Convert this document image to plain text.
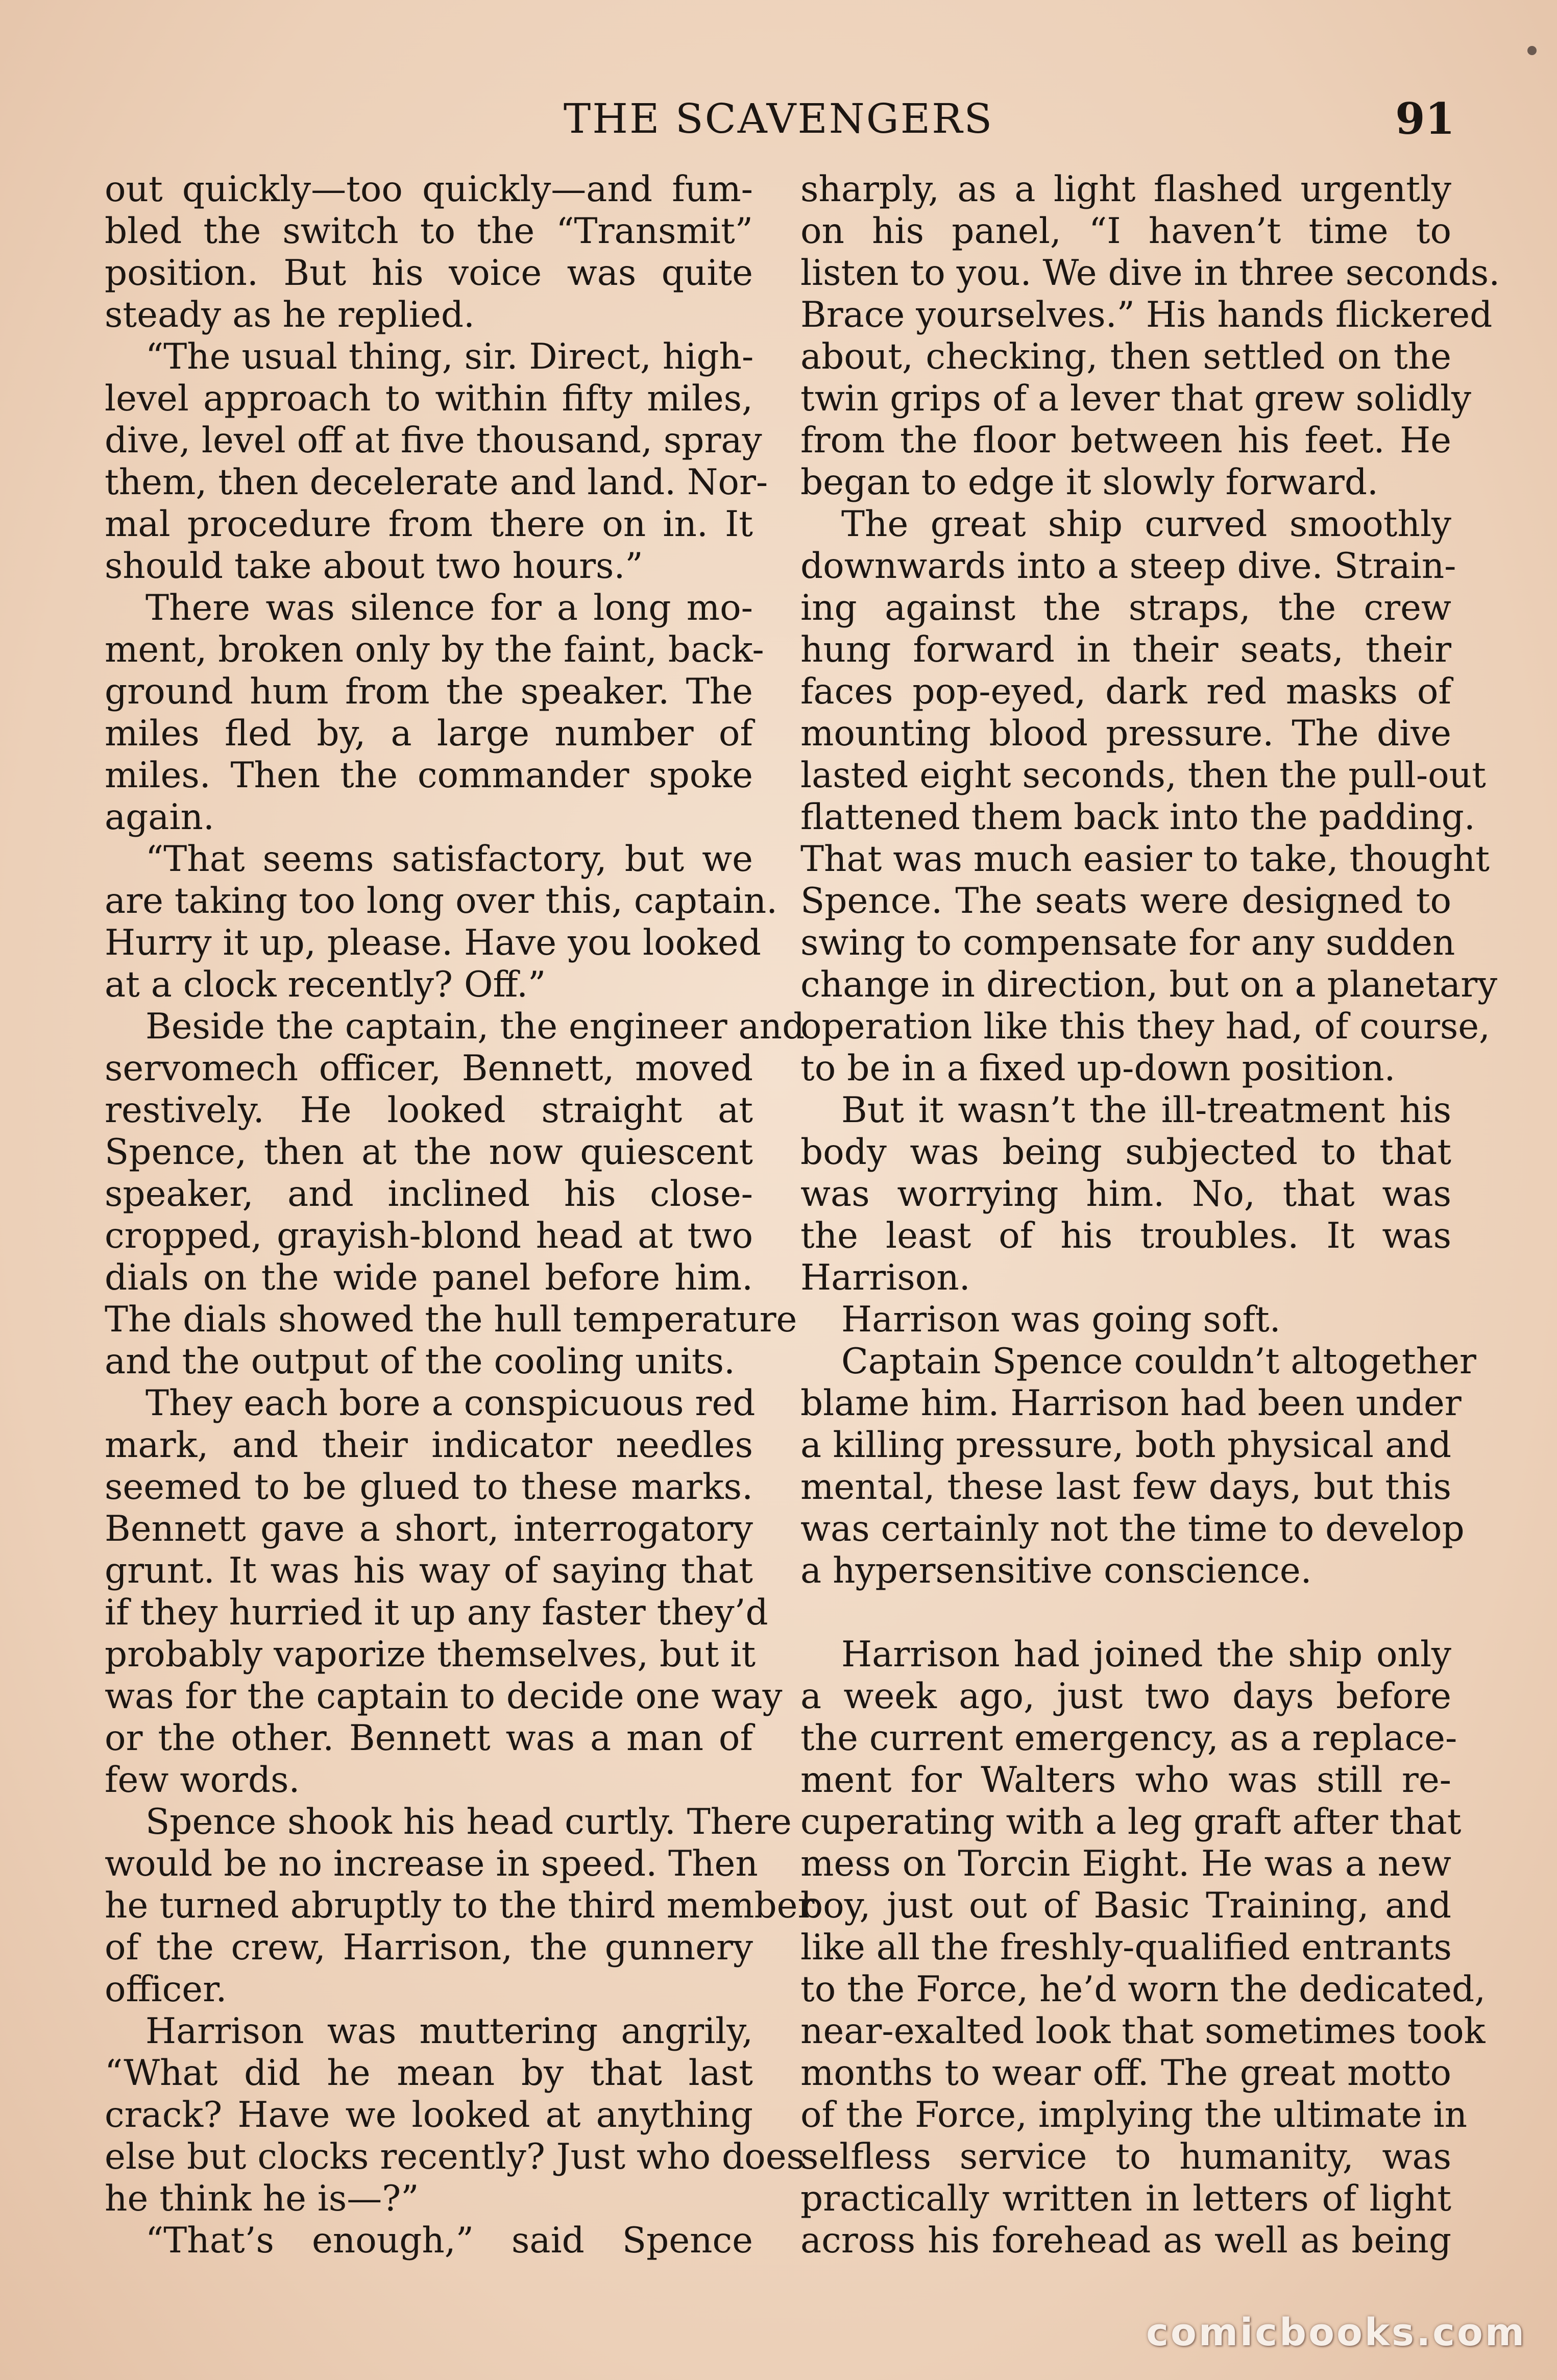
THE SCAVENGERS	91
out quickly—too quickly—and fum-
bled the switch to the “Transmit”
position. But his voice was quite
steady as he replied.
“The usual thing, sir. Direct, high-
level approach to within fifty miles,
dive, level off at five thousand, spray
them, then decelerate and land. Nor-
mal procedure from there on in. It
should take about two hours.”
There was silence for a long mo-
ment, broken only by the faint, back-
ground hum from the speaker. The
miles fled by, a large number of
miles. Then the commander spoke
again.
“That seems satisfactory, but we
are taking too long over this, captain.
Hurry it up, please. Have you looked
at a clock recently? Off.”
Beside the captain, the engineer and
servomech officer, Bennett, moved
restively. He looked straight at
Spence, then at the now quiescent
speaker, and inclined his close-
cropped, grayish-blond head at two
dials on the wide panel before him.
The dials showed the hull temperature
and the output of the cooling units.
They each bore a conspicuous red
mark, and their indicator needles
seemed to be glued to these marks.
Bennett gave a short, interrogatory
grunt. It was his way of saying that
if they hurried it up any faster they’d
probably vaporize themselves, but it
was for the captain to decide one way
or the other. Bennett was a man of
few words.
Spence shook his head curtly. There
would be no increase in speed. Then
he turned abruptly to the third member
of the crew, Harrison, the gunnery
officer.
Harrison was muttering angrily,
“What did he mean by that last
crack? Have we looked at anything
else but clocks recently? Just who does
he think he is—?”
“That’s enough,” said Spence
sharply, as a light flashed urgently
on his panel, “I haven’t time to
listen to you. We dive in three seconds.
Brace yourselves.” His hands flickered
about, checking, then settled on the
twin grips of a lever that grew solidly
from the floor between his feet. He
began to edge it slowly forward.
The great ship curved smoothly
downwards into a steep dive. Strain-
ing against the straps, the crew
hung forward in their seats, their
faces pop-eyed, dark red masks of
mounting blood pressure. The dive
lasted eight seconds, then the pull-out
flattened them back into the padding.
That was much easier to take, thought
Spence. The seats were designed to
swing to compensate for any sudden
change in direction, but on a planetary
operation like this they had, of course,
to be in a fixed up-down position.
But it wasn’t the ill-treatment his
body was being subjected to that
was worrying him. No, that was
the least of his troubles. It was
Harrison.
Harrison was going soft.
Captain Spence couldn’t altogether
blame him. Harrison had been under
a killing pressure, both physical and
mental, these last few days, but this
was certainly not the time to develop
a hypersensitive conscience.
Harrison had joined the ship only
a week ago, just two days before
the current emergency, as a replace-
ment for Walters who was still re-
cuperating with a leg graft after that
mess on Torcin Eight. He was a new
boy, just out of Basic Training, and
like all the freshly-qualified entrants
to the Force, he’d worn the dedicated,
near-exalted look that sometimes took
months to wear off. The great motto
of the Force, implying the ultimate in
selfless service to humanity, was
practically written in letters of light
across his forehead as well as being
comicbooks.com
